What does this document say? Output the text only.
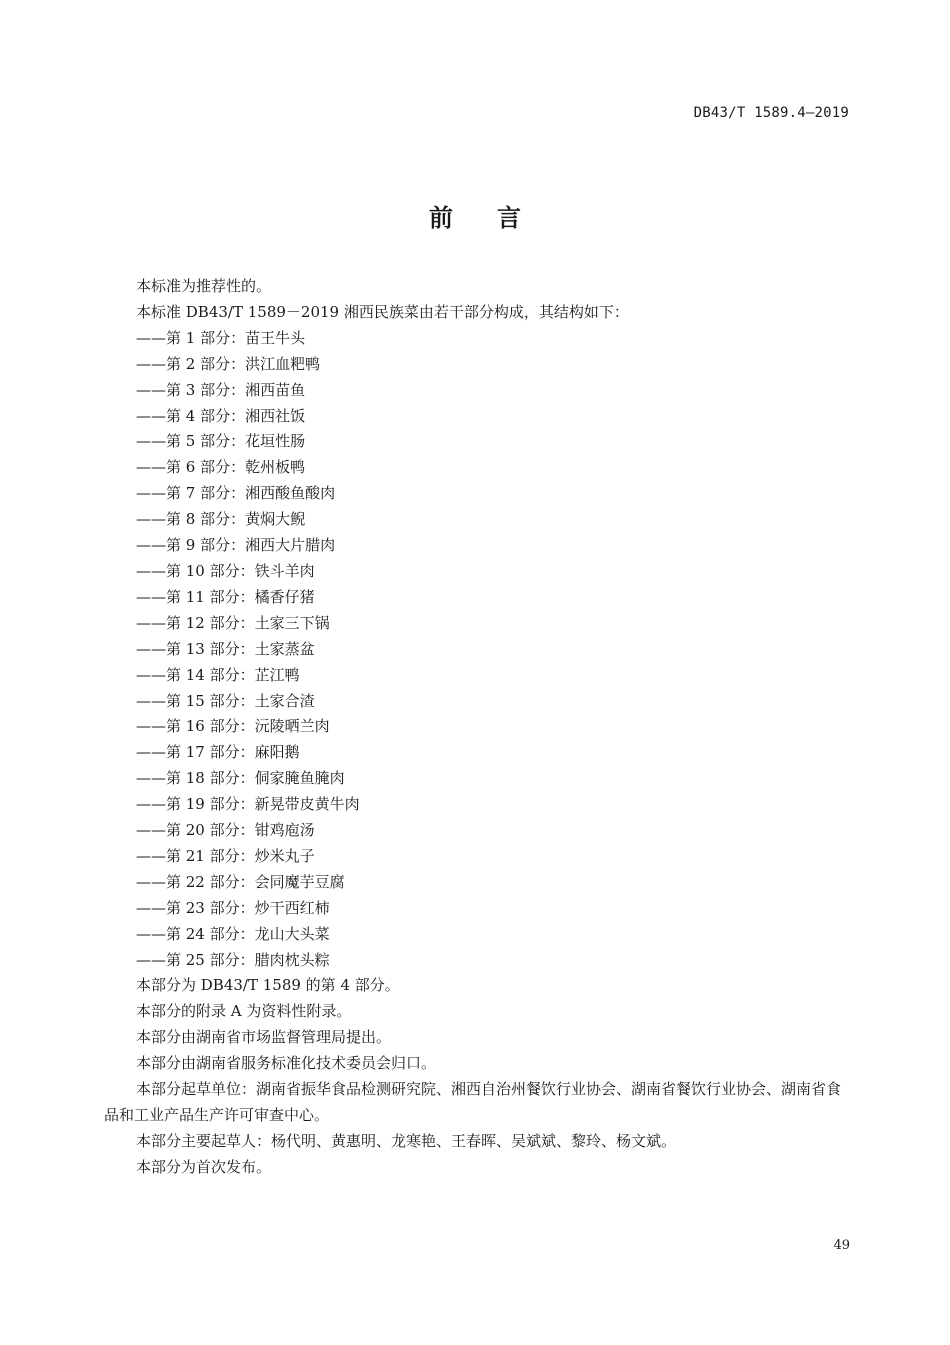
DB43/T 1589.4—2019
前言

本标准为推荐性的。

本标准 DB43/T 1589－2019 湘西民族菜由若干部分构成，其结构如下：

——第 1 部分：苗王牛头

——第 2 部分：洪江血粑鸭

——第 3 部分：湘西苗鱼

——第 4 部分：湘西社饭

——第 5 部分：花垣性肠

——第 6 部分：乾州板鸭

——第 7 部分：湘西酸鱼酸肉

——第 8 部分：黄焖大鲵

——第 9 部分：湘西大片腊肉

——第 10 部分：铁斗羊肉

——第 11 部分：橘香仔猪

——第 12 部分：土家三下锅

——第 13 部分：土家蒸盆

——第 14 部分：芷江鸭

——第 15 部分：土家合渣

——第 16 部分：沅陵晒兰肉

——第 17 部分：麻阳鹅

——第 18 部分：侗家腌鱼腌肉

——第 19 部分：新晃带皮黄牛肉

——第 20 部分：钳鸡庖汤

——第 21 部分：炒米丸子

——第 22 部分：会同魔芋豆腐

——第 23 部分：炒干西红柿

——第 24 部分：龙山大头菜

——第 25 部分：腊肉枕头粽

本部分为 DB43/T 1589 的第 4 部分。

本部分的附录 A 为资料性附录。

本部分由湖南省市场监督管理局提出。

本部分由湖南省服务标准化技术委员会归口。

本部分起草单位：湖南省振华食品检测研究院、湘西自治州餐饮行业协会、湖南省餐饮行业协会、湖南省食品和工业产品生产许可审查中心。

本部分主要起草人：杨代明、黄惠明、龙寒艳、王春晖、吴斌斌、黎玲、杨文斌。

本部分为首次发布。

49
